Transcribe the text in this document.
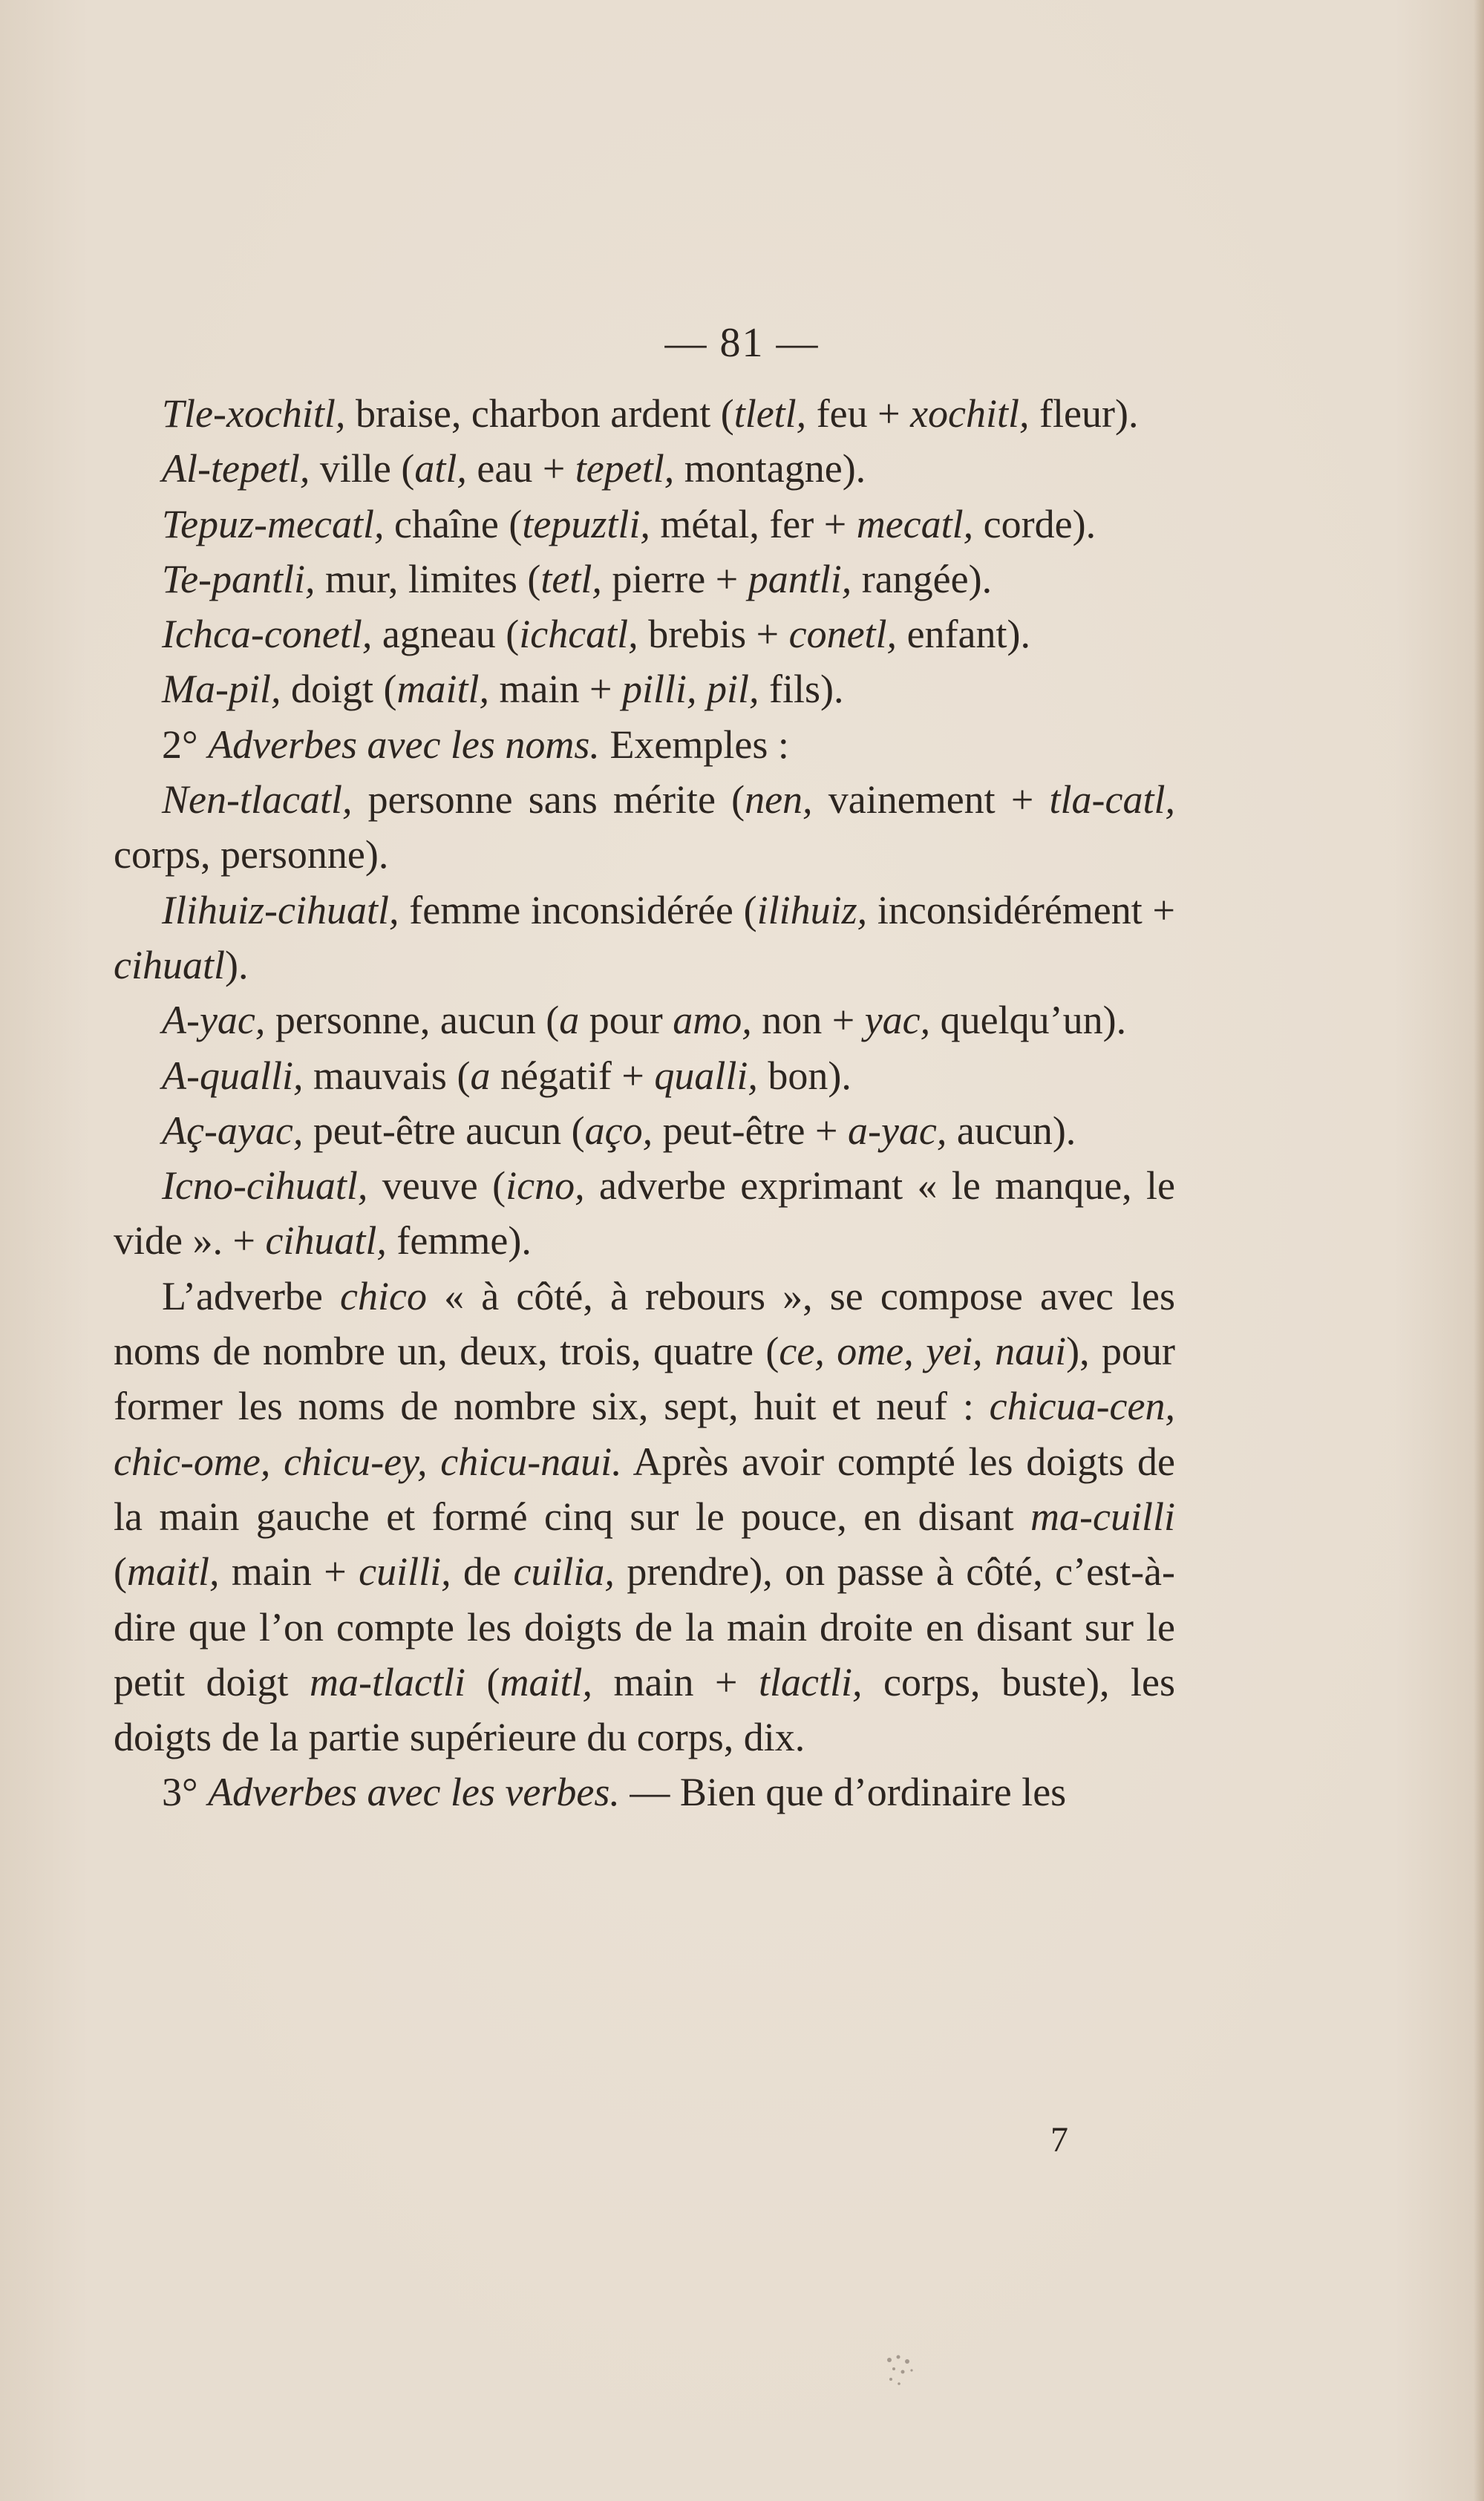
— 81 —

Tle-xochitl, braise, charbon ardent (tletl, feu + xochitl, fleur).

Al-tepetl, ville (atl, eau + tepetl, montagne).

Tepuz-mecatl, chaîne (tepuztli, métal, fer + mecatl, corde).

Te-pantli, mur, limites (tetl, pierre + pantli, rangée).

Ichca-conetl, agneau (ichcatl, brebis + conetl, enfant).

Ma-pil, doigt (maitl, main + pilli, pil, fils).

2° Adverbes avec les noms. Exemples :

Nen-tlacatl, personne sans mérite (nen, vainement + tla-catl, corps, personne).

Ilihuiz-cihuatl, femme inconsidérée (ilihuiz, inconsidérément + cihuatl).

A-yac, personne, aucun (a pour amo, non + yac, quelqu’un).

A-qualli, mauvais (a négatif + qualli, bon).

Aç-ayac, peut-être aucun (aço, peut-être + a-yac, aucun).

Icno-cihuatl, veuve (icno, adverbe exprimant « le manque, le vide ». + cihuatl, femme).

L’adverbe chico « à côté, à rebours », se compose avec les noms de nombre un, deux, trois, quatre (ce, ome, yei, naui), pour former les noms de nombre six, sept, huit et neuf : chicua-cen, chic-ome, chicu-ey, chicu-naui. Après avoir compté les doigts de la main gauche et formé cinq sur le pouce, en disant ma-cuilli (maitl, main + cuilli, de cuilia, prendre), on passe à côté, c’est-à-dire que l’on compte les doigts de la main droite en disant sur le petit doigt ma-tlactli (maitl, main + tlactli, corps, buste), les doigts de la partie supérieure du corps, dix.

3° Adverbes avec les verbes. — Bien que d’ordinaire les

7
